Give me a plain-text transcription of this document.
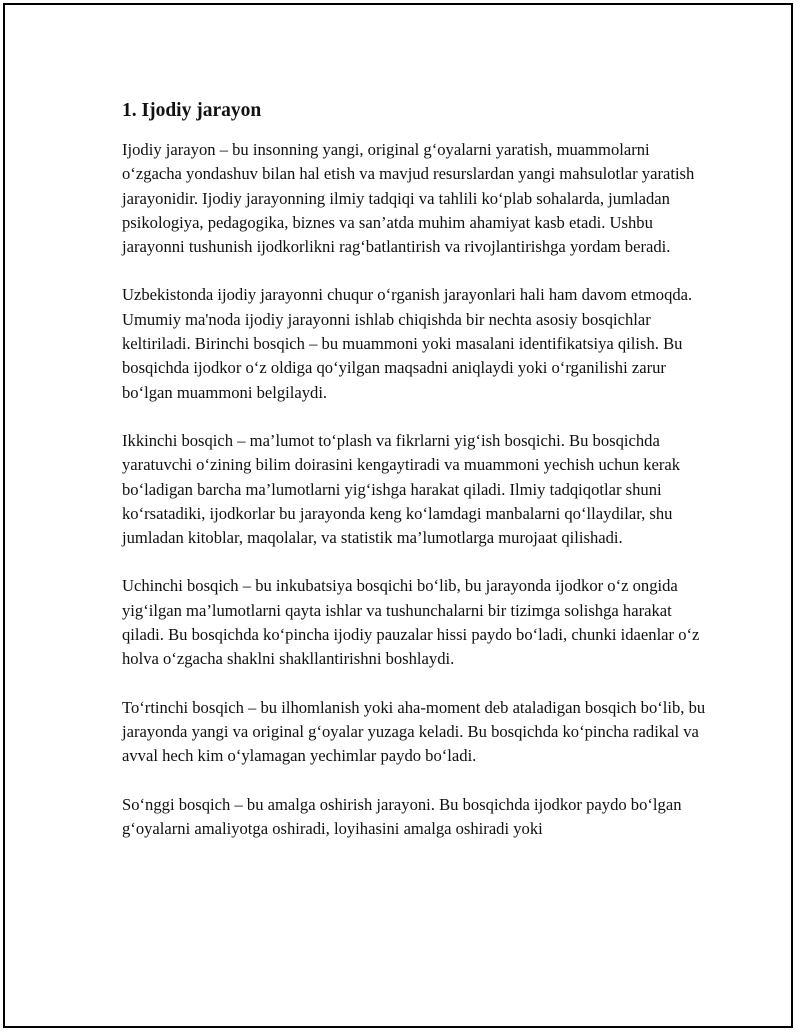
1. Ijodiy jarayon

Ijodiy jarayon – bu insonning yangi, original g‘oyalarni yaratish, muammolarni o‘zgacha yondashuv bilan hal etish va mavjud resurslardan yangi mahsulotlar yaratish jarayonidir. Ijodiy jarayonning ilmiy tadqiqi va tahlili ko‘plab sohalarda, jumladan psikologiya, pedagogika, biznes va san’atda muhim ahamiyat kasb etadi. Ushbu jarayonni tushunish ijodkorlikni rag‘batlantirish va rivojlantirishga yordam beradi.

Uzbekistonda ijodiy jarayonni chuqur o‘rganish jarayonlari hali ham davom etmoqda. Umumiy ma'noda ijodiy jarayonni ishlab chiqishda bir nechta asosiy bosqichlar keltiriladi. Birinchi bosqich – bu muammoni yoki masalani identifikatsiya qilish. Bu bosqichda ijodkor o‘z oldiga qo‘yilgan maqsadni aniqlaydi yoki o‘rganilishi zarur bo‘lgan muammoni belgilaydi.

Ikkinchi bosqich – ma’lumot to‘plash va fikrlarni yig‘ish bosqichi. Bu bosqichda yaratuvchi o‘zining bilim doirasini kengaytiradi va muammoni yechish uchun kerak bo‘ladigan barcha ma’lumotlarni yig‘ishga harakat qiladi. Ilmiy tadqiqotlar shuni ko‘rsatadiki, ijodkorlar bu jarayonda keng ko‘lamdagi manbalarni qo‘llaydilar, shu jumladan kitoblar, maqolalar, va statistik ma’lumotlarga murojaat qilishadi.

Uchinchi bosqich – bu inkubatsiya bosqichi bo‘lib, bu jarayonda ijodkor o‘z ongida yig‘ilgan ma’lumotlarni qayta ishlar va tushunchalarni bir tizimga solishga harakat qiladi. Bu bosqichda ko‘pincha ijodiy pauzalar hissi paydo bo‘ladi, chunki idaenlar o‘z holva o‘zgacha shaklni shakllantirishni boshlaydi.

To‘rtinchi bosqich – bu ilhomlanish yoki aha-moment deb ataladigan bosqich bo‘lib, bu jarayonda yangi va original g‘oyalar yuzaga keladi. Bu bosqichda ko‘pincha radikal va avval hech kim o‘ylamagan yechimlar paydo bo‘ladi.

So‘nggi bosqich – bu amalga oshirish jarayoni. Bu bosqichda ijodkor paydo bo‘lgan g‘oyalarni amaliyotga oshiradi, loyihasini amalga oshiradi yoki
